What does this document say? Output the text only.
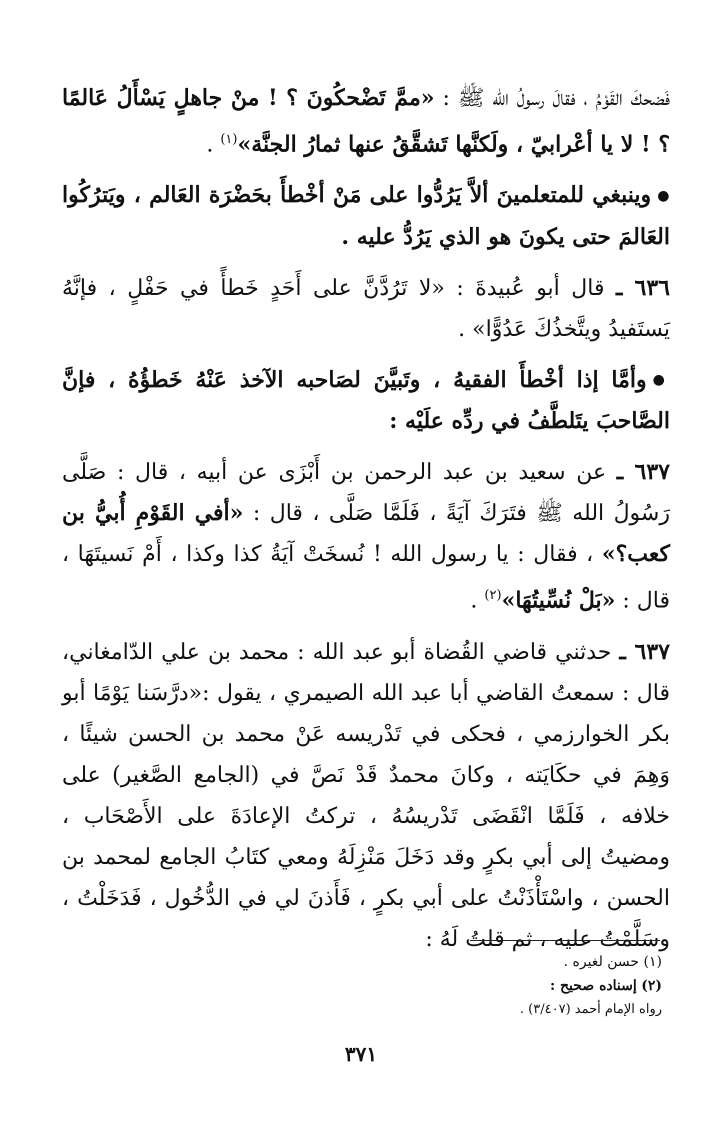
فَضحكَ القَوْمُ ، فقالَ رسولُ الله ﷺ : «ممَّ تَضْحكُونَ ؟ ! منْ جاهلٍ يَسْأَلُ عَالمًا ؟ ! لا يا أعْرابيّ ، ولَكنَّها تَشقَّقُ عنها ثمارُ الجنَّة»$^{(١)}$ .

●وينبغي للمتعلمينَ ألاَّ يَرُدُّوا على مَنْ أخْطأَ بحَضْرَة العَالم ، ويَترُكُوا العَالمَ حتى يكونَ هو الذي يَرُدُّ عليه .

٦٣٦ ـ قال أبو عُبيدةَ : «لا تَرُدَّنَّ على أَحَدٍ خَطأً في حَفْلٍ ، فإنَّهُ يَستَفيدُ ويتَّخذُكَ عَدُوًّا» .

●وأمَّا إذا أخْطأَ الفقيهُ ، وتَبيَّنَ لصَاحبه الآخذ عَنْهُ خَطؤُهُ ، فإنَّ الصَّاحبَ يتَلطَّفُ في ردِّه علَيْه :

٦٣٧ ـ عن سعيد بن عبد الرحمن بن أَبْزَى عن أبيه ، قال : صَلَّى رَسُولُ الله ﷺ فتَرَكَ آيَةً ، فَلَمَّا صَلَّى ، قال : «أفي القَوْمِ أُبيُّ بن كعب؟» ، فقال : يا رسول الله ! نُسخَتْ آيَةُ كذا وكذا ، أَمْ نَسيتَهَا ، قال : «بَلْ نُسِّيتُهَا»$^{(٢)}$ .

٦٣٧ ـ حدثني قاضي القُضاة أبو عبد الله : محمد بن علي الدّامغاني، قال : سمعتُ القاضي أبا عبد الله الصيمري ، يقول :«درَّسَنا يَوْمًا أبو بكر الخوارزمي ، فحكى في تَدْريسه عَنْ محمد بن الحسن شيئًا ، وَهِمَ في حكَايَته ، وكانَ محمدٌ قَدْ نَصَّ في (الجامع الصَّغير) على خلافه ، فَلَمَّا انْقَضَى تَدْريسُهُ ، تركتُ الإعادَةَ على الأَصْحَاب ، ومضيتُ إلى أبي بكرٍ وقد دَخَلَ مَنْزِلَهُ ومعي كتَابُ الجامع لمحمد بن الحسن ، واسْتَأْذَنْتُ على أبي بكرٍ ، فَأَذنَ لي في الدُّخُول ، فَدَخَلْتُ ، وسَلَّمْتُ عليه ، ثم قلتُ لَهُ :

(١) حسن لغيره .
(٢) إسناده صحيح :
رواه الإمام أحمد (٣/٤٠٧) .
٣٧١
